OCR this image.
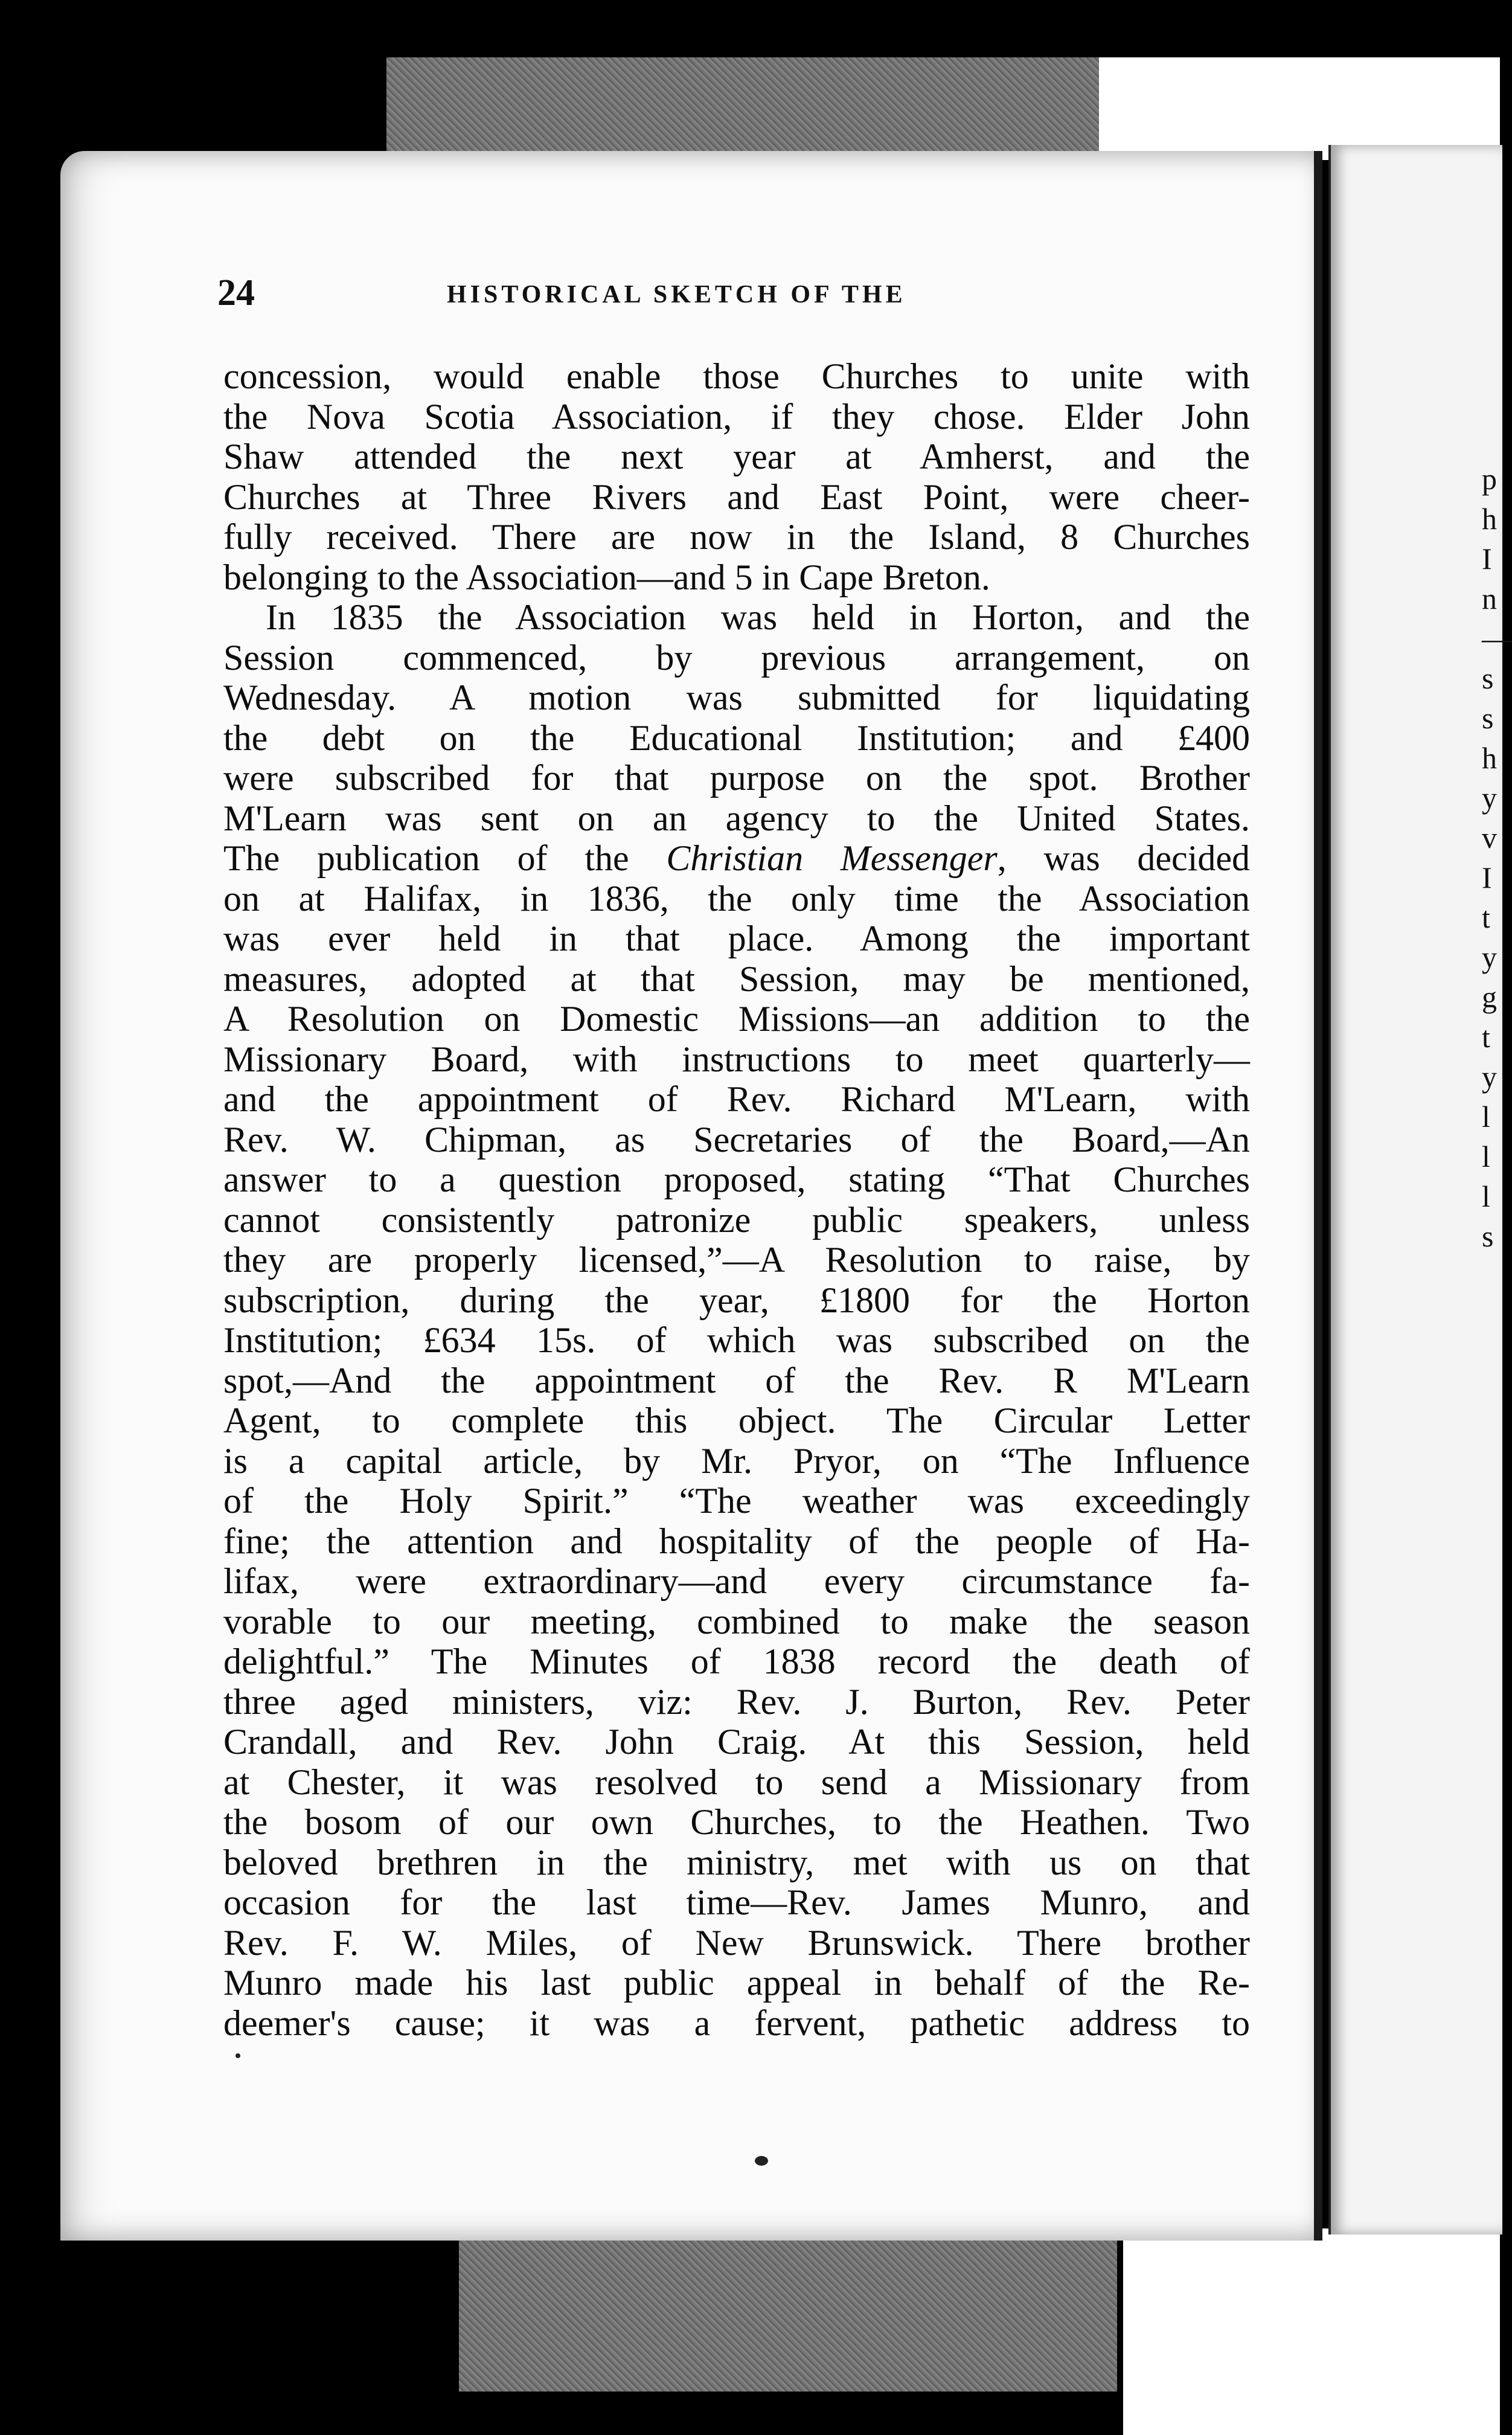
p
h
I
n
—
s
s
h
y
v
I
t
y
g
t
y
l
l
l
s
24	HISTORICAL SKETCH OF THE
concession, would enable those Churches to unite with
the Nova Scotia Association, if they chose. Elder John
Shaw attended the next year at Amherst, and the
Churches at Three Rivers and East Point, were cheer-
fully received. There are now in the Island, 8 Churches
belonging to the Association—and 5 in Cape Breton.
In 1835 the Association was held in Horton, and the
Session commenced, by previous arrangement, on
Wednesday. A motion was submitted for liquidating
the debt on the Educational Institution; and £400
were subscribed for that purpose on the spot. Brother
M'Learn was sent on an agency to the United States.
The publication of the Christian Messenger, was decided
on at Halifax, in 1836, the only time the Association
was ever held in that place. Among the important
measures, adopted at that Session, may be mentioned,
A Resolution on Domestic Missions—an addition to the
Missionary Board, with instructions to meet quarterly—
and the appointment of Rev. Richard M'Learn, with
Rev. W. Chipman, as Secretaries of the Board,—An
answer to a question proposed, stating “That Churches
cannot consistently patronize public speakers, unless
they are properly licensed,”—A Resolution to raise, by
subscription, during the year, £1800 for the Horton
Institution; £634 15s. of which was subscribed on the
spot,—And the appointment of the Rev. R M'Learn
Agent, to complete this object. The Circular Letter
is a capital article, by Mr. Pryor, on “The Influence
of the Holy Spirit.” “The weather was exceedingly
fine; the attention and hospitality of the people of Ha-
lifax, were extraordinary—and every circumstance fa-
vorable to our meeting, combined to make the season
delightful.” The Minutes of 1838 record the death of
three aged ministers, viz: Rev. J. Burton, Rev. Peter
Crandall, and Rev. John Craig. At this Session, held
at Chester, it was resolved to send a Missionary from
the bosom of our own Churches, to the Heathen. Two
beloved brethren in the ministry, met with us on that
occasion for the last time—Rev. James Munro, and
Rev. F. W. Miles, of New Brunswick. There brother
Munro made his last public appeal in behalf of the Re-
deemer's cause; it was a fervent, pathetic address to
